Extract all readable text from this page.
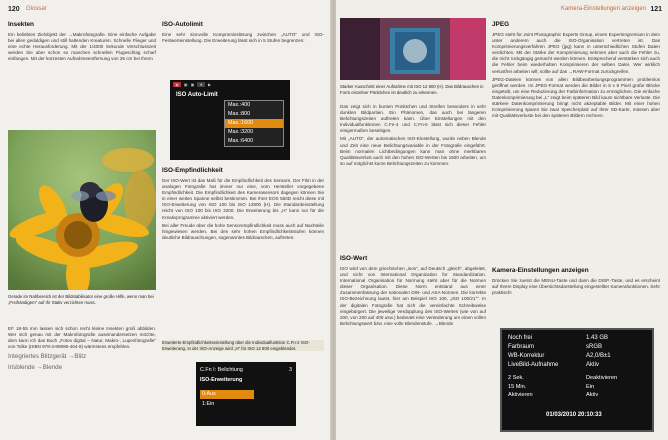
120 Glossar
Insekten

Ein beliebtes Zielobjekt der →Makrofotografie. Eine einfache Aufgabe bei allen geduldigen und still haltenden Kreaturen. Schnelle Flieger und eine echte Herausforderung. Mit der 1/4000 Sekunde Verschlusszeit werden Sie aber schon so manchen schnellen Flugeschlag scharf einfangen. Mit der kürzesten Aufnahmeentfernung von 25 cm bei Ihrem

Gerade im Nahbereich ist der Bildstabilisator eine große Hilfe, wenn man bei „Freihändigem“ auf Ihr Stativ verzichten muss.

EF 18-55 mm lassen sich schon recht kleine Insekten groß abbilden. Wer sich genau mit der Makrofotografie auseinandersetzen möchte, dem kann ich das Buch „Fotos digital – Natur, Makro-, Lupenfotografie“ von Tolke (ISBN 978-3-89995-464-9) wärmstens empfehlen.

Integriertes Blitzgerät →Blitz
Irisblende →Blende
ISO-Autolimit

Eine sehr sinnvolle Kompromisslösung zwischen „AUTO“ und ISO-Festwerteinstellung. Die Erweiterung lässt sich in 5 Stufen begrenzen:

▣	▣ ▣	★	▶
ISO Auto-Limit
Max.:400
Max.:800
Max.:1600
Max.:3200
Max.:6400
ISO-Empfindlichkeit

Der ISO-Wert ist das Maß für die Empfindlichkeit des Sensors. Der Film in der analogen Fotografie hat immer nur eine, vom Hersteller vorgegebene Empfindlichkeit. Die Empfindlichkeit des Kamerasensors dagegen können Sie in einer weiten Spanne selbst bestimmen. Bei Ihrer EOS 550D reicht diese mit ISO-Erweiterung von ISO 100 bis ISO 12800 (H). Die Standardeinstellung reicht von ISO 100 bis ISO 3200. Die Erweiterung bis „H“ kann nur für die Kreativprogramme aktiviert werden.

Bei aller Freude über die hohe Sensorempfindlichkeit muss auch auf Nachteile hingewiesen werden. Bei den sehr hohen Empfindlichkeitsstufen können deutliche Bildrauschungen, sogenanntes Bildrauschen, auftreten.

Erweiterte Empfindlichkeitseinstellung über die Individualfunktion C.Fn-2 ISO-Erweiterung. In der ISO-Anzeige wird „H“ für ISO 12 800 eingeblendet.
C.Fn I: Belichtung	3
ISO-Erweiterung
0:Aus
1:Ein
Kamera-Einstellungen anzeigen 121
Starker Ausschnitt einer Aufnahme mit ISO 12 800 (H). Das Bildrauschen in Form einzelner Pünktchen ist deutlich zu erkennen.

Das zeigt sich in bunten Pünktchen und Streifen besonders in sehr dunklen Bildpartien. Ein Phänomen, das auch bei längeren Belichtungszeiten auftreten kann. Über Einstellungen mit den Individualfunktionen C.Fn-4 und C.Fn-5 lässt sich dieser Fehler einigermaßen beseitigen.

Mit „AUTO“, der automatischen ISO-Einstellung, wurde neben Blende und Zeit eine neue Belichtungsvariable in der Fotografie eingeführt. Beim normalen Lichtbedingungen kann man ohne merkbaren Qualitätsverlust auch mit den hohen ISO-Werten bis 1600 arbeiten, um so auf möglichst kurze Belichtungszeiten zu kommen.

ISO-Wert

ISO wird von dem griechischen „isos“, auf Deutsch „gleich“, abgeleitet, und nicht von International Organization for Standardization. International Organisation für Normung steht aber für die Normen dieser Organisation. Diese Norm entstand aus einer Zusammenfassung der nationalen DIN- und ASA-Normen. Die korrekte ISO-Bezeichnung lautet, hier am Beispiel ISO 100, „ISO 100/21°“. In der digitalen Fotografie hat sich die vereinfachte Schreibweise eingebürgert. Die jeweilige Verdopplung des ISO-Wertes (wie von auf 200, von 200 auf 400 usw.) bedeutet eine Veränderung um einen vollen Belichtungswert bzw. eine volle Blendenstufe. →Blende

JPEG

JPEG steht für Joint Photographic Experts Group, einem Expertengremium in dem unter anderem auch die ISO-Organisation vertreten ist. Das Komprimierungsverfahren JPEG (jpg) kann in unterschiedlichen Stufen Daten verdichten. Mit der Stärke der Komprimierung nehmen aber auch die Fehler zu, die nicht rückgängig gemacht werden können. Entsprechend verstärken sich auch die Fehler beim wiederholten Komprimieren der selben Datei. Wer wirklich verlustfrei arbeiten will, sollte auf das →RAW-Format zurückgreifen.

JPEG-Dateien können von allen Bildbearbeitungsprogrammen problemlos geöffnet werden. Im JPEG-Format werden die Bilder in 8 x 8 Pixel große Blöcke eingeteilt, um eine Reduzierung der Farbinformation zu ermöglichen. Die einfache Datenkomprimierung bei „L“ zeigt beim späteren Bild kaum sichtbare Verluste. Die stärkere Datenkomprimierung bringt nicht akzeptable Bilder. Mit einer hohen Komprimierung sparen Sie zwar Speicherplatz auf Ihrer SD-Karte, müssen aber mit Qualitätsverluste bei den späteren Bildern rechnen.

Kamera-Einstellungen anzeigen

Drücken Sie zuerst die MENU-Taste und dann die DISP.-Taste, und es erscheint auf Ihrem Display eine Übersichtsdarstellung eingestellter Kamerafunktionen. Sehr praktisch!

Noch frei	1.43 GB
Farbraum	sRGB
WB-Korrektur	A2,0/B±1
LiveBild-Aufnahme	Aktiv
2 Sek.	Deaktivieren
15 Min.	Ein
Aktivieren	Aktiv
01/03/2010 20:10:33
